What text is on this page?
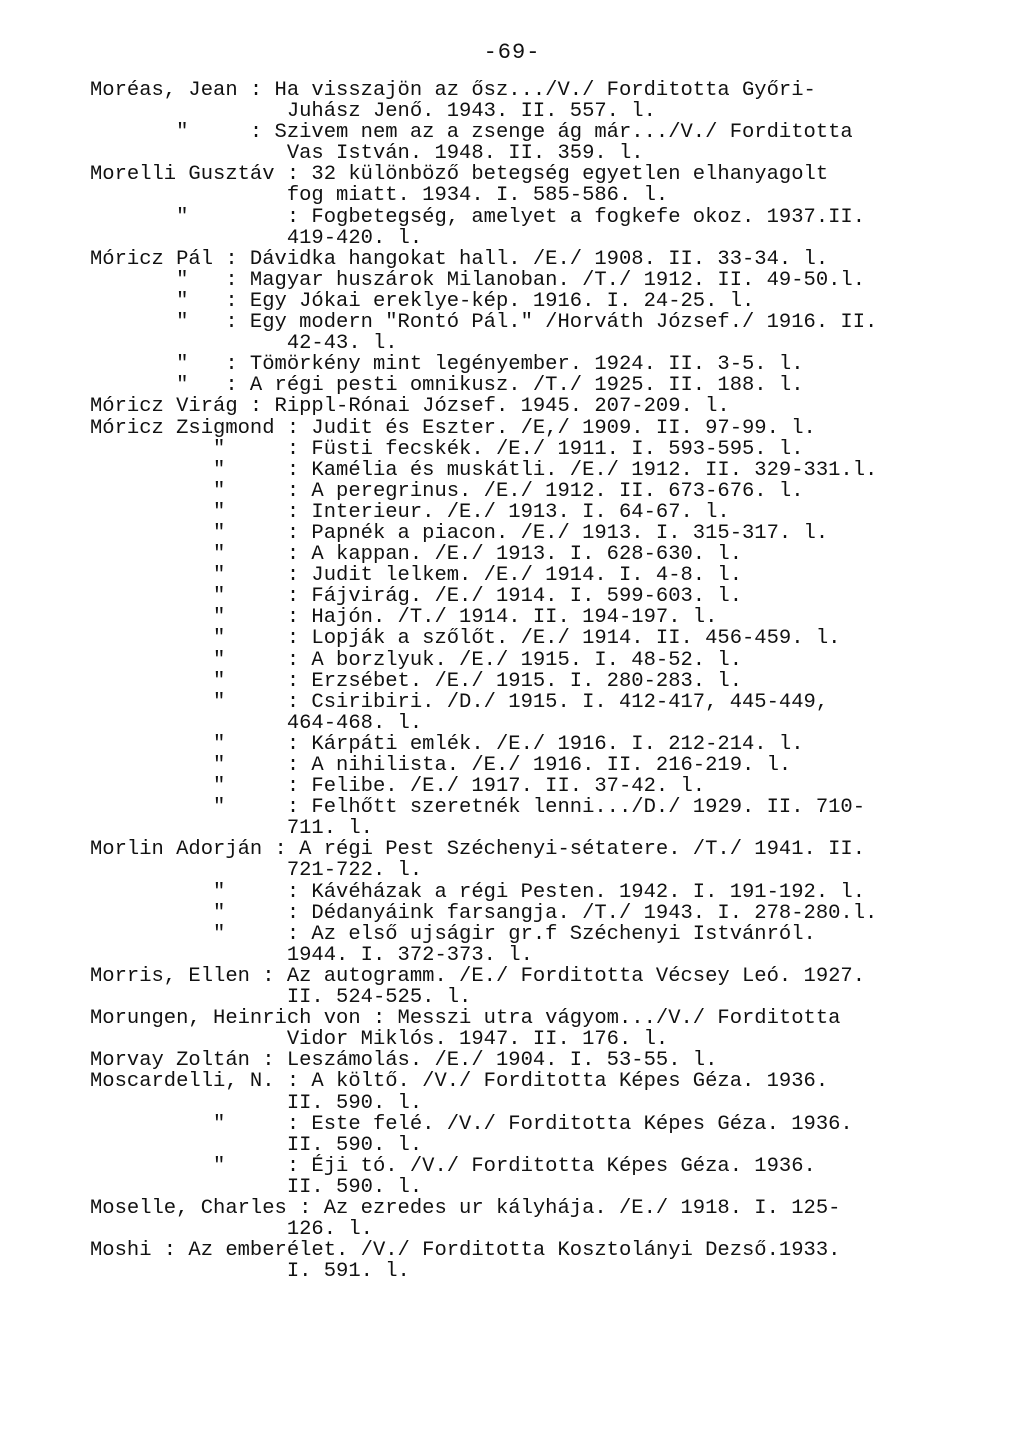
-69-
Moréas, Jean : Ha visszajön az ősz.../V./ Forditotta Győri-
Juhász Jenő. 1943. II. 557. l.
"     : Szivem nem az a zsenge ág már.../V./ Forditotta
Vas István. 1948. II. 359. l.
Morelli Gusztáv : 32 különböző betegség egyetlen elhanyagolt
fog miatt. 1934. I. 585-586. l.
"        : Fogbetegség, amelyet a fogkefe okoz. 1937.II.
419-420. l.
Móricz Pál : Dávidka hangokat hall. /E./ 1908. II. 33-34. l.
"   : Magyar huszárok Milanoban. /T./ 1912. II. 49-50.l.
"   : Egy Jókai ereklye-kép. 1916. I. 24-25. l.
"   : Egy modern "Rontó Pál." /Horváth József./ 1916. II.
42-43. l.
"   : Tömörkény mint legényember. 1924. II. 3-5. l.
"   : A régi pesti omnikusz. /T./ 1925. II. 188. l.
Móricz Virág : Rippl-Rónai József. 1945. 207-209. l.
Móricz Zsigmond : Judit és Eszter. /E,/ 1909. II. 97-99. l.
"     : Füsti fecskék. /E./ 1911. I. 593-595. l.
"     : Kamélia és muskátli. /E./ 1912. II. 329-331.l.
"     : A peregrinus. /E./ 1912. II. 673-676. l.
"     : Interieur. /E./ 1913. I. 64-67. l.
"     : Papnék a piacon. /E./ 1913. I. 315-317. l.
"     : A kappan. /E./ 1913. I. 628-630. l.
"     : Judit lelkem. /E./ 1914. I. 4-8. l.
"     : Fájvirág. /E./ 1914. I. 599-603. l.
"     : Hajón. /T./ 1914. II. 194-197. l.
"     : Lopják a szőlőt. /E./ 1914. II. 456-459. l.
"     : A borzlyuk. /E./ 1915. I. 48-52. l.
"     : Erzsébet. /E./ 1915. I. 280-283. l.
"     : Csiribiri. /D./ 1915. I. 412-417, 445-449,
464-468. l.
"     : Kárpáti emlék. /E./ 1916. I. 212-214. l.
"     : A nihilista. /E./ 1916. II. 216-219. l.
"     : Felibe. /E./ 1917. II. 37-42. l.
"     : Felhőtt szeretnék lenni.../D./ 1929. II. 710-
711. l.
Morlin Adorján : A régi Pest Széchenyi-sétatere. /T./ 1941. II.
721-722. l.
"     : Kávéházak a régi Pesten. 1942. I. 191-192. l.
"     : Dédanyáink farsangja. /T./ 1943. I. 278-280.l.
"     : Az első ujságir gr.f Széchenyi Istvánról.
1944. I. 372-373. l.
Morris, Ellen : Az autogramm. /E./ Forditotta Vécsey Leó. 1927.
II. 524-525. l.
Morungen, Heinrich von : Messzi utra vágyom.../V./ Forditotta
Vidor Miklós. 1947. II. 176. l.
Morvay Zoltán : Leszámolás. /E./ 1904. I. 53-55. l.
Moscardelli, N. : A költő. /V./ Forditotta Képes Géza. 1936.
II. 590. l.
"     : Este felé. /V./ Forditotta Képes Géza. 1936.
II. 590. l.
"     : Éji tó. /V./ Forditotta Képes Géza. 1936.
II. 590. l.
Moselle, Charles : Az ezredes ur kályhája. /E./ 1918. I. 125-
126. l.
Moshi : Az emberélet. /V./ Forditotta Kosztolányi Dezső.1933.
I. 591. l.
